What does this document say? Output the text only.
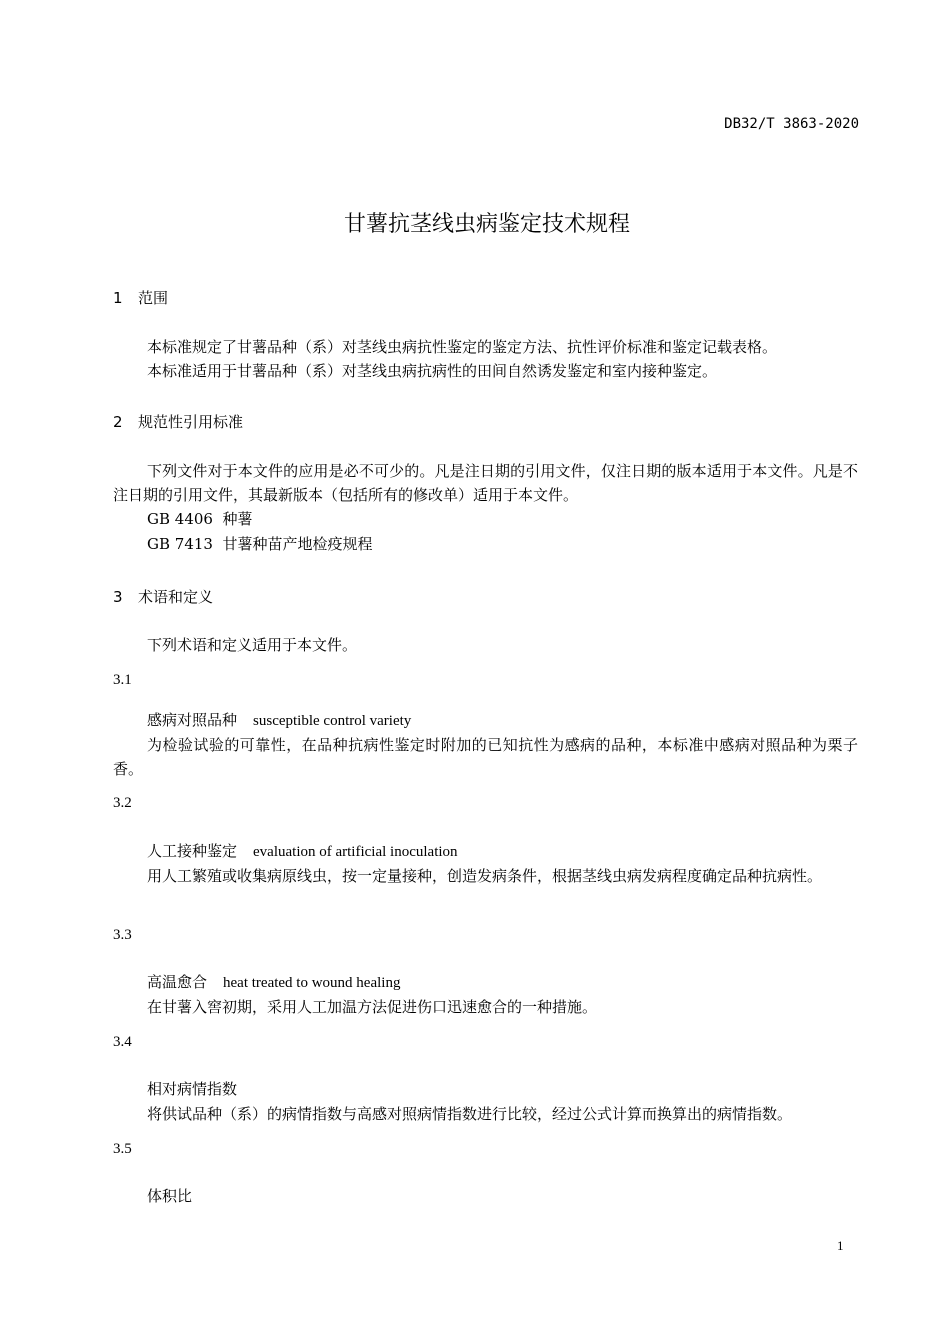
DB32/T 3863-2020
甘薯抗茎线虫病鉴定技术规程
1 范围
本标准规定了甘薯品种（系）对茎线虫病抗性鉴定的鉴定方法、抗性评价标准和鉴定记载表格。
本标准适用于甘薯品种（系）对茎线虫病抗病性的田间自然诱发鉴定和室内接种鉴定。
2 规范性引用标准
下列文件对于本文件的应用是必不可少的。凡是注日期的引用文件，仅注日期的版本适用于本文件。凡是不注日期的引用文件，其最新版本（包括所有的修改单）适用于本文件。
GB 4406  种薯
GB 7413  甘薯种苗产地检疫规程
3 术语和定义
下列术语和定义适用于本文件。
3.1
感病对照品种 susceptible control variety
为检验试验的可靠性，在品种抗病性鉴定时附加的已知抗性为感病的品种，本标准中感病对照品种为栗子香。
3.2
人工接种鉴定 evaluation of artificial inoculation
用人工繁殖或收集病原线虫，按一定量接种，创造发病条件，根据茎线虫病发病程度确定品种抗病性。
3.3
高温愈合 heat treated to wound healing
在甘薯入窖初期，采用人工加温方法促进伤口迅速愈合的一种措施。
3.4
相对病情指数
将供试品种（系）的病情指数与高感对照病情指数进行比较，经过公式计算而换算出的病情指数。
3.5
体积比
1
